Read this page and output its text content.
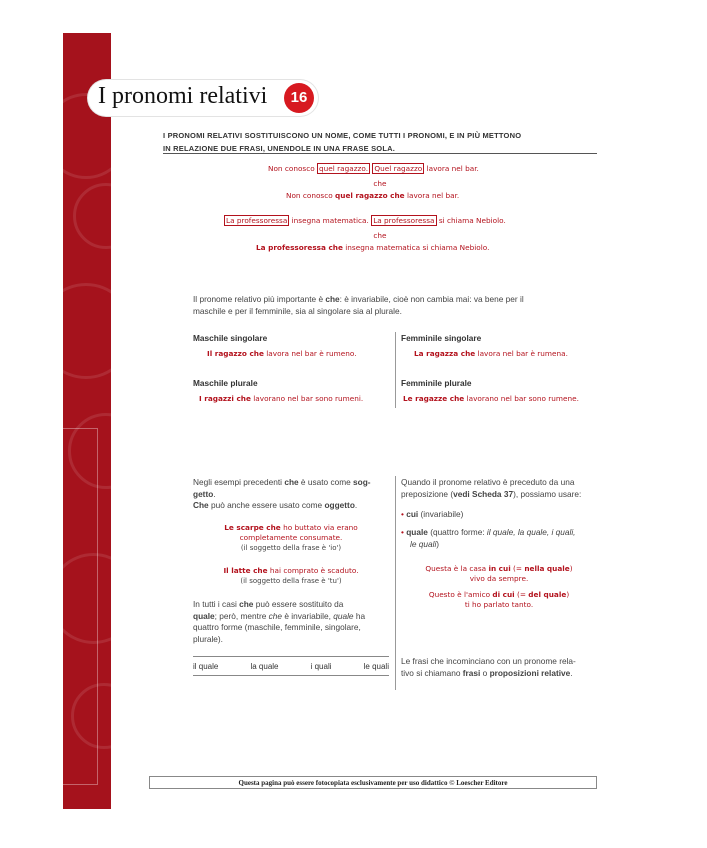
I pronomi relativi	16
I PRONOMI RELATIVI SOSTITUISCONO UN NOME, COME TUTTI I PRONOMI, E IN PIÙ METTONO
IN RELAZIONE DUE FRASI, UNENDOLE IN UNA FRASE SOLA.
Non conosco quel ragazzo. Quel ragazzo lavora nel bar.
che
Non conosco quel ragazzo che lavora nel bar.
La professoressa insegna matematica. La professoressa si chiama Nebiolo.
che
La professoressa che insegna matematica si chiama Nebiolo.
Il pronome relativo più importante è che: è invariabile, cioè non cambia mai: va bene per il
maschile e per il femminile, sia al singolare sia al plurale.
Maschile singolare
Il ragazzo che lavora nel bar è rumeno.
Femminile singolare
La ragazza che lavora nel bar è rumena.
Maschile plurale
I ragazzi che lavorano nel bar sono rumeni.
Femminile plurale
Le ragazze che lavorano nel bar sono rumene.
Negli esempi precedenti che è usato come sog-
getto.
Che può anche essere usato come oggetto.
Le scarpe che ho buttato via erano
completamente consumate.
(il soggetto della frase è 'io')
Il latte che hai comprato è scaduto.
(il soggetto della frase è 'tu')
In tutti i casi che può essere sostituito da
quale; però, mentre che è invariabile, quale ha
quattro forme (maschile, femminile, singolare,
plurale).
il quale	la quale	i quali	le quali
Quando il pronome relativo è preceduto da una
preposizione (vedi Scheda 37), possiamo usare:
• cui (invariabile)
• quale (quattro forme: il quale, la quale, i quali,
le quali)
Questa è la casa in cui (= nella quale)
vivo da sempre.
Questo è l'amico di cui (= del quale)
ti ho parlato tanto.
Le frasi che incominciano con un pronome rela-
tivo si chiamano frasi o proposizioni relative.
Questa pagina può essere fotocopiata esclusivamente per uso didattico © Loescher Editore
